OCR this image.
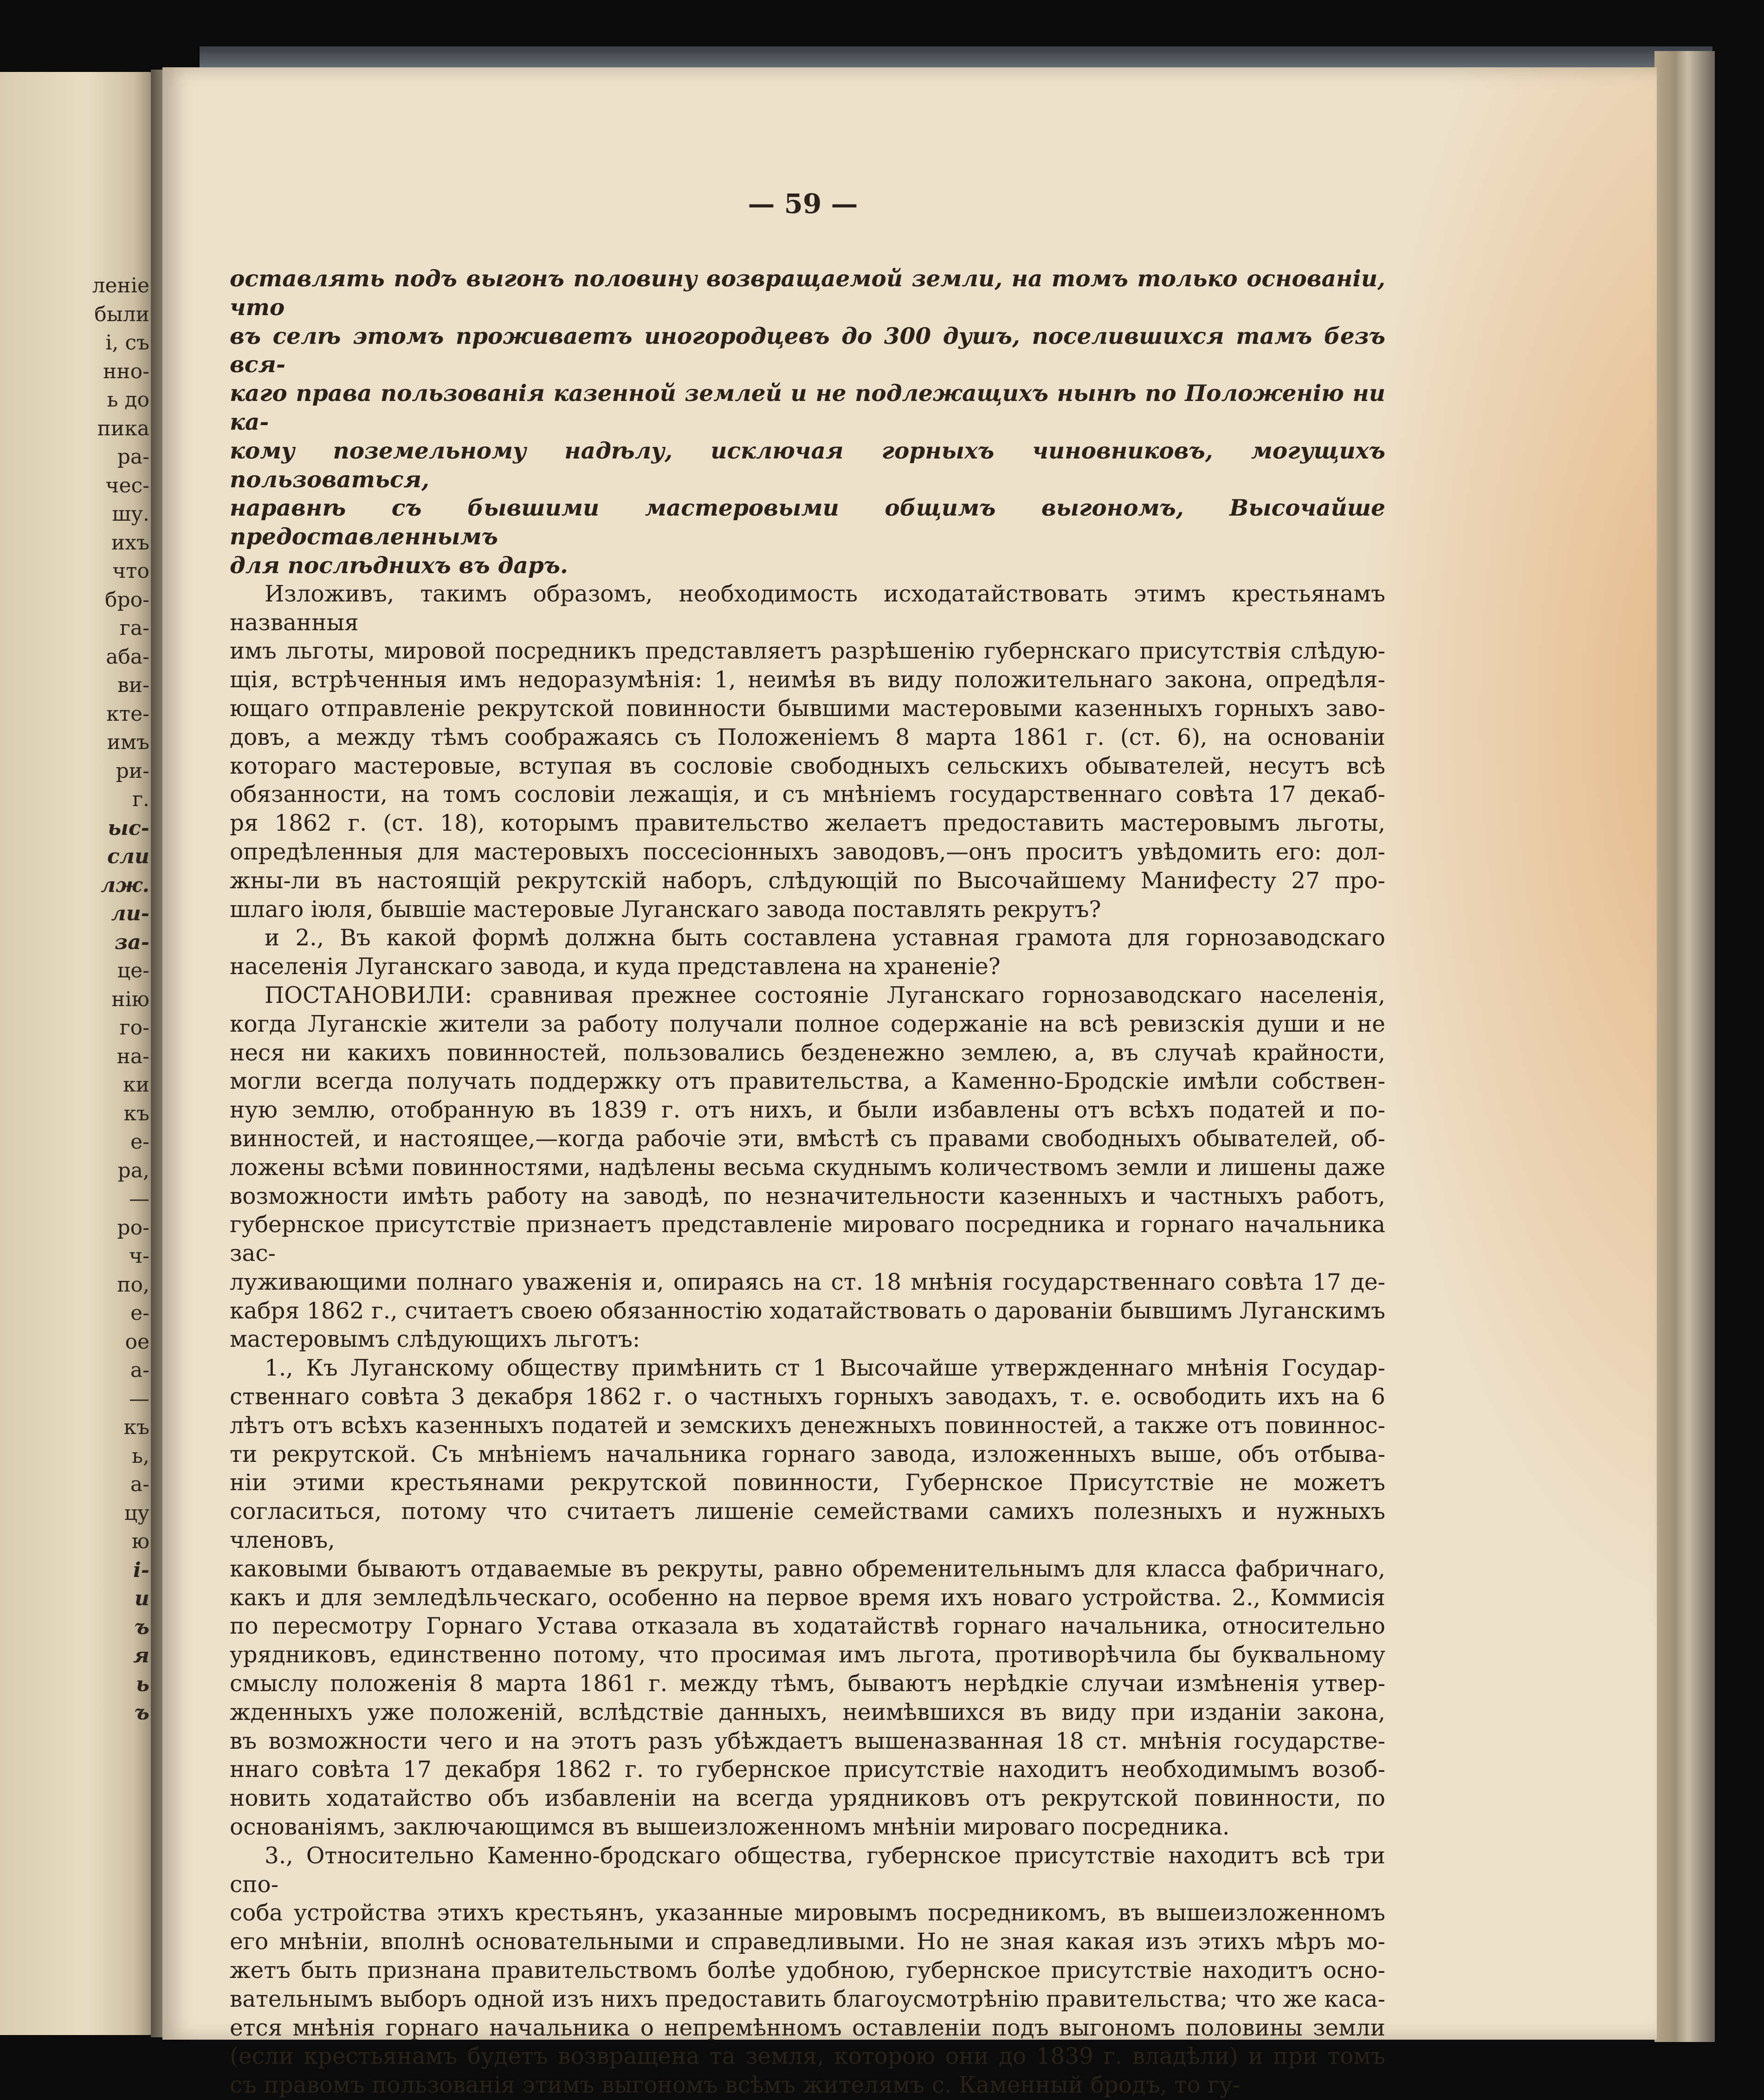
леніе
были
i, съ
нно-
ь до
пика
ра-
чес-
шу.
ихъ
что
бро-
га-
аба-
ви-
кте-
имъ
ри-
г.
ыс-
сли
лж.
ли-
за-
це-
нію
го-
на-
ки
къ
е-
ра,
—
ро-
ч-
по,
е-
ое
а-
—
къ
ь,
а-
цу
ю
і-
и
ъ
я
ь
ъ
— 59 —

оставлять подъ выгонъ половину возвращаемой земли, на томъ только основаніи, что

въ селѣ этомъ проживаетъ иногородцевъ до 300 душъ, поселившихся тамъ безъ вся-

каго права пользованія казенной землей и не подлежащихъ нынѣ по Положенію ни ка-

кому поземельному надѣлу, исключая горныхъ чиновниковъ, могущихъ пользоваться,

наравнѣ съ бывшими мастеровыми общимъ выгономъ, Высочайше предоставленнымъ

для послѣднихъ въ даръ.

Изложивъ, такимъ образомъ, необходимость исходатайствовать этимъ крестьянамъ названныя

имъ льготы, мировой посредникъ представляетъ разрѣшенію губернскаго присутствія слѣдую-

щія, встрѣченныя имъ недоразумѣнія: 1, неимѣя въ виду положительнаго закона, опредѣля-

ющаго отправленіе рекрутской повинности бывшими мастеровыми казенныхъ горныхъ заво-

довъ, а между тѣмъ соображаясь съ Положеніемъ 8 марта 1861 г. (ст. 6), на основаніи

котораго мастеровые, вступая въ сословіе свободныхъ сельскихъ обывателей, несутъ всѣ

обязанности, на томъ сословіи лежащія, и съ мнѣніемъ государственнаго совѣта 17 декаб-

ря 1862 г. (ст. 18), которымъ правительство желаетъ предоставить мастеровымъ льготы,

опредѣленныя для мастеровыхъ поссесіонныхъ заводовъ,—онъ проситъ увѣдомить его: дол-

жны-ли въ настоящій рекрутскій наборъ, слѣдующій по Высочайшему Манифесту 27 про-

шлаго іюля, бывшіе мастеровые Луганскаго завода поставлять рекрутъ?

и 2., Въ какой формѣ должна быть составлена уставная грамота для горнозаводскаго

населенія Луганскаго завода, и куда представлена на храненіе?

ПОСТАНОВИЛИ: сравнивая прежнее состояніе Луганскаго горнозаводскаго населенія,

когда Луганскіе жители за работу получали полное содержаніе на всѣ ревизскія души и не

неся ни какихъ повинностей, пользовались безденежно землею, а, въ случаѣ крайности,

могли всегда получать поддержку отъ правительства, а Каменно-Бродскіе имѣли собствен-

ную землю, отобранную въ 1839 г. отъ нихъ, и были избавлены отъ всѣхъ податей и по-

винностей, и настоящее,—когда рабочіе эти, вмѣстѣ съ правами свободныхъ обывателей, об-

ложены всѣми повинностями, надѣлены весьма скуднымъ количествомъ земли и лишены даже

возможности имѣть работу на заводѣ, по незначительности казенныхъ и частныхъ работъ,

губернское присутствіе признаетъ представленіе мироваго посредника и горнаго начальника зас-

луживающими полнаго уваженія и, опираясь на ст. 18 мнѣнія государственнаго совѣта 17 де-

кабря 1862 г., считаетъ своею обязанностію ходатайствовать о дарованіи бывшимъ Луганскимъ

мастеровымъ слѣдующихъ льготъ:

1., Къ Луганскому обществу примѣнить ст 1 Высочайше утвержденнаго мнѣнія Государ-

ственнаго совѣта 3 декабря 1862 г. о частныхъ горныхъ заводахъ, т. е. освободить ихъ на 6

лѣтъ отъ всѣхъ казенныхъ податей и земскихъ денежныхъ повинностей, а также отъ повиннос-

ти рекрутской. Съ мнѣніемъ начальника горнаго завода, изложенныхъ выше, объ отбыва-

ніи этими крестьянами рекрутской повинности, Губернское Присутствіе не можетъ

согласиться, потому что считаетъ лишеніе семействами самихъ полезныхъ и нужныхъ членовъ,

каковыми бываютъ отдаваемые въ рекруты, равно обременительнымъ для класса фабричнаго,

какъ и для земледѣльческаго, особенно на первое время ихъ новаго устройства. 2., Коммисія

по пересмотру Горнаго Устава отказала въ ходатайствѣ горнаго начальника, относительно

урядниковъ, единственно потому, что просимая имъ льгота, противорѣчила бы буквальному

смыслу положенія 8 марта 1861 г. между тѣмъ, бываютъ нерѣдкіе случаи измѣненія утвер-

жденныхъ уже положеній, вслѣдствіе данныхъ, неимѣвшихся въ виду при изданіи закона,

въ возможности чего и на этотъ разъ убѣждаетъ вышеназванная 18 ст. мнѣнія государстве-

ннаго совѣта 17 декабря 1862 г. то губернское присутствіе находитъ необходимымъ возоб-

новить ходатайство объ избавленіи на всегда урядниковъ отъ рекрутской повинности, по

основаніямъ, заключающимся въ вышеизложенномъ мнѣніи мироваго посредника.

3., Относительно Каменно-бродскаго общества, губернское присутствіе находитъ всѣ три спо-

соба устройства этихъ крестьянъ, указанные мировымъ посредникомъ, въ вышеизложенномъ

его мнѣніи, вполнѣ основательными и справедливыми. Но не зная какая изъ этихъ мѣръ мо-

жетъ быть признана правительствомъ болѣе удобною, губернское присутствіе находитъ осно-

вательнымъ выборъ одной изъ нихъ предоставить благоусмотрѣнію правительства; что же каса-

ется мнѣнія горнаго начальника о непремѣнномъ оставленіи подъ выгономъ половины земли

(если крестьянамъ будетъ возвращена та земля, которою они до 1839 г. владѣли) и при томъ

съ правомъ пользованія этимъ выгономъ всѣмъ жителямъ с. Каменный бродъ, то гу-
